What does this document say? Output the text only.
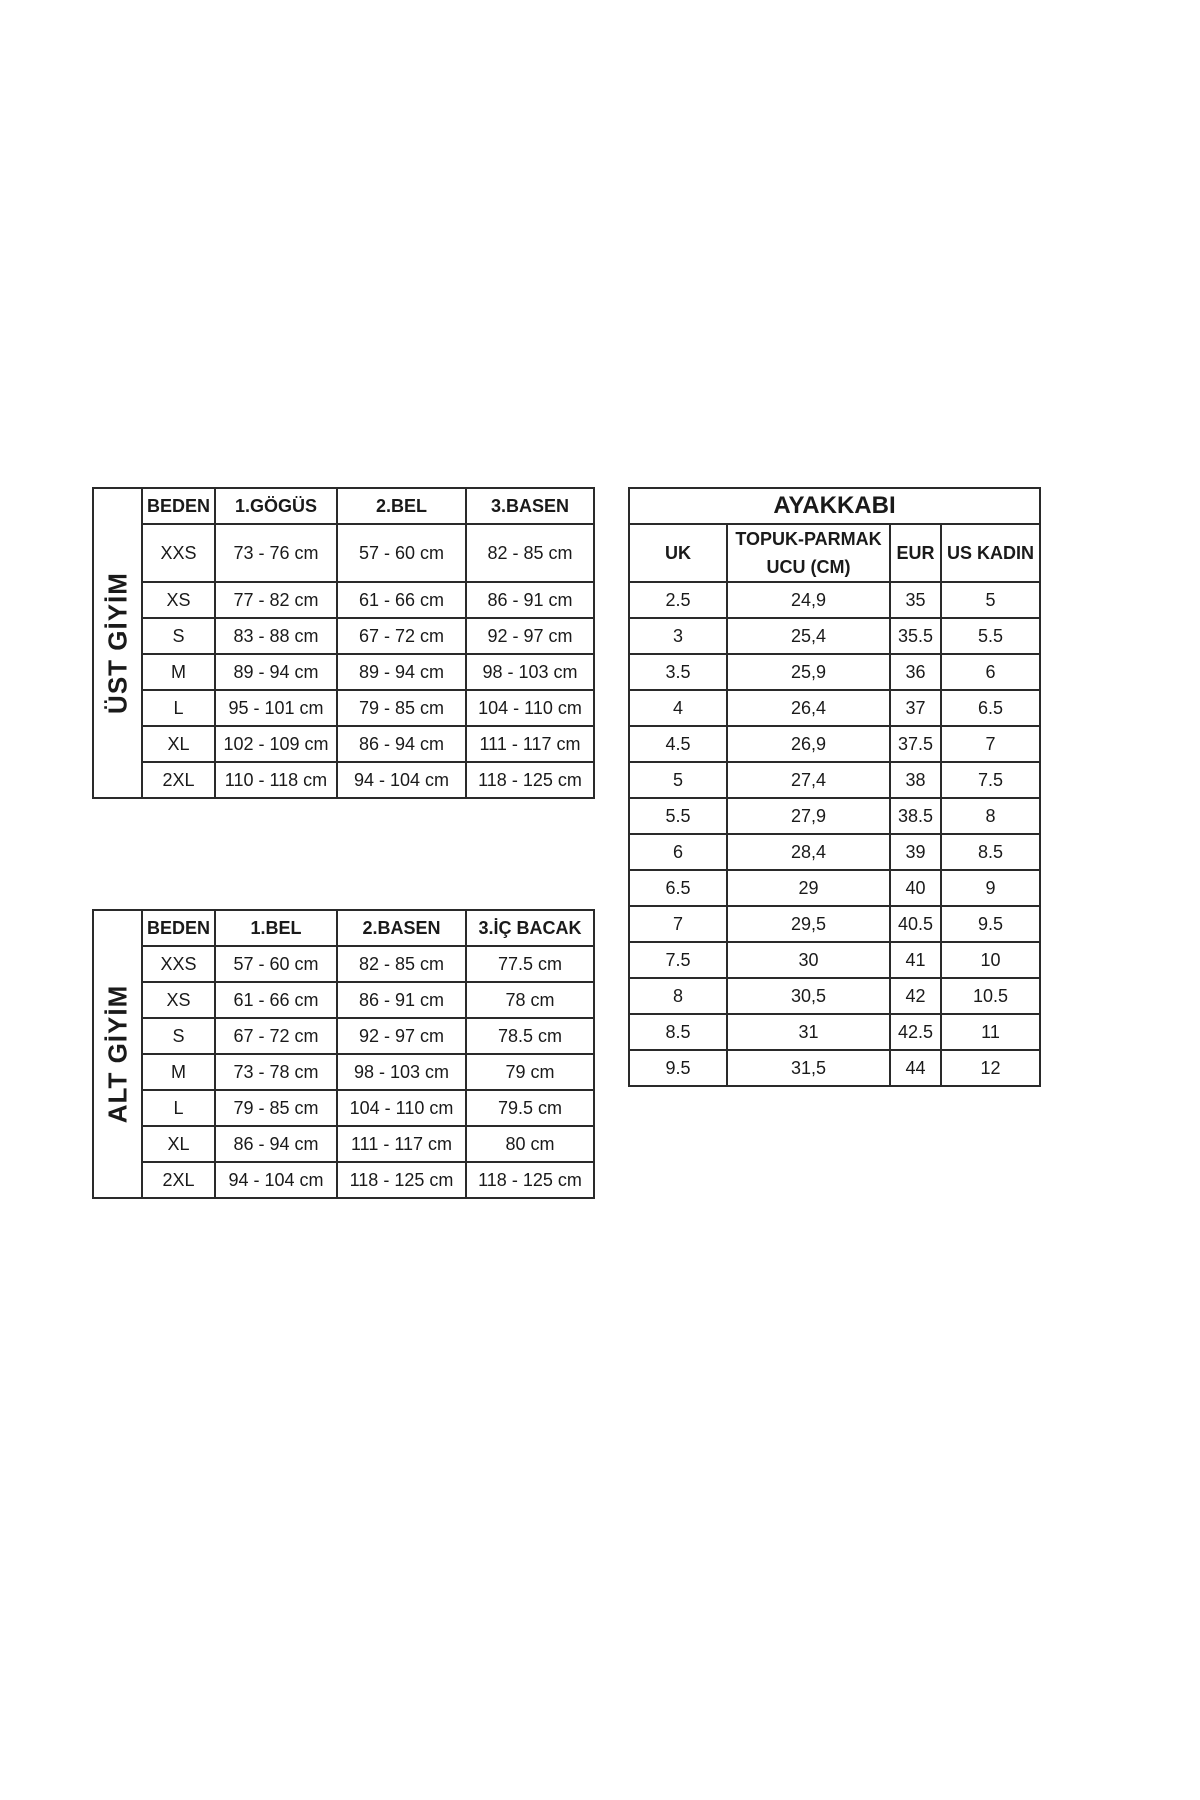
ÜST GİYİM	BEDEN	1.GÖGÜS	2.BEL	3.BASEN
	XXS	73 - 76 cm	57 - 60 cm	82 - 85 cm
	XS	77 - 82 cm	61 - 66 cm	86 - 91 cm
	S	83 - 88 cm	67 - 72 cm	92 - 97 cm
	M	89 - 94 cm	89 - 94 cm	98 - 103 cm
	L	95 - 101 cm	79 - 85 cm	104 - 110 cm
	XL	102 - 109 cm	86 - 94 cm	111 - 117 cm
	2XL	110 - 118 cm	94 - 104 cm	118 - 125 cm
ALT GİYİM	BEDEN	1.BEL	2.BASEN	3.İÇ BACAK
	XXS	57 - 60 cm	82 - 85 cm	77.5 cm
	XS	61 - 66 cm	86 - 91 cm	78 cm
	S	67 - 72 cm	92 - 97 cm	78.5 cm
	M	73 - 78 cm	98 - 103 cm	79 cm
	L	79 - 85 cm	104 - 110 cm	79.5 cm
	XL	86 - 94 cm	111 - 117 cm	80 cm
	2XL	94 - 104 cm	118 - 125 cm	118 - 125 cm
AYAKKABI			
UK	TOPUK-PARMAK UCU (CM)	EUR	US KADIN
2.5	24,9	35	5
3	25,4	35.5	5.5
3.5	25,9	36	6
4	26,4	37	6.5
4.5	26,9	37.5	7
5	27,4	38	7.5
5.5	27,9	38.5	8
6	28,4	39	8.5
6.5	29	40	9
7	29,5	40.5	9.5
7.5	30	41	10
8	30,5	42	10.5
8.5	31	42.5	11
9.5	31,5	44	12
